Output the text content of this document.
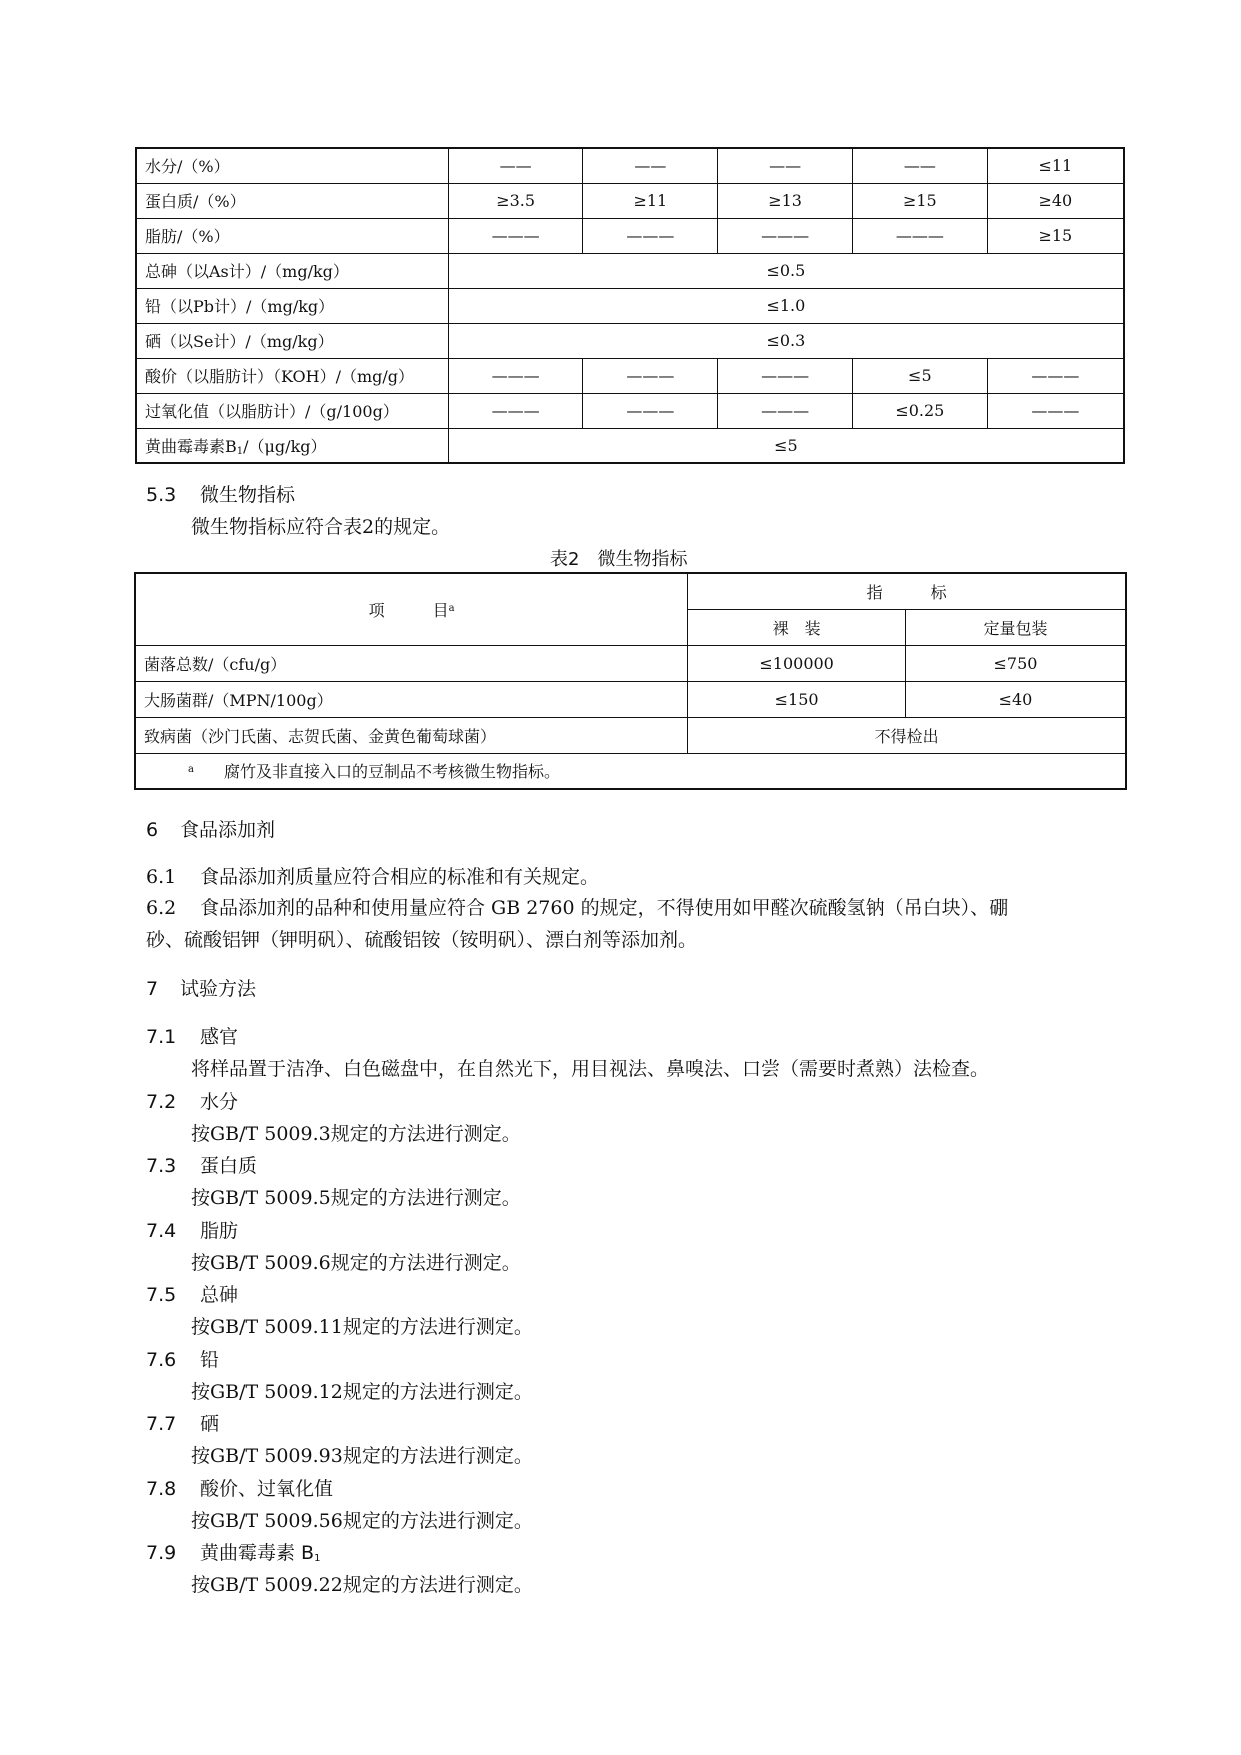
水分/（%）	——	——	——	——	≤11
蛋白质/（%）	≥3.5	≥11	≥13	≥15	≥40
脂肪/（%）	———	———	———	———	≥15
总砷（以As计）/（mg/kg）	≤0.5				
铅（以Pb计）/（mg/kg）	≤1.0				
硒（以Se计）/（mg/kg）	≤0.3				
酸价（以脂肪计）（KOH）/（mg/g）	———	———	———	≤5	———
过氧化值（以脂肪计）/（g/100g）	———	———	———	≤0.25	———
黄曲霉毒素$B_1/(\mu g/kg)$	≤5				
5.3 微生物指标
微生物指标应符合表2的规定。
表2　微生物指标
项　　　目$^a$	指　　　标	
	裸　装	定量包装
菌落总数/（cfu/g）	≤100000	≤750
大肠菌群/（MPN/100g）	≤150	≤40
致病菌（沙门氏菌、志贺氏菌、金黄色葡萄球菌）	不得检出	
$^a$ 腐竹及非直接入口的豆制品不考核微生物指标。		
6 食品添加剂
6.1 食品添加剂质量应符合相应的标准和有关规定。
6.2 食品添加剂的品种和使用量应符合 GB 2760 的规定，不得使用如甲醛次硫酸氢钠（吊白块）、硼
砂、硫酸铝钾（钾明矾）、硫酸铝铵（铵明矾）、漂白剂等添加剂。
7 试验方法
7.1 感官
将样品置于洁净、白色磁盘中，在自然光下，用目视法、鼻嗅法、口尝（需要时煮熟）法检查。
7.2 水分
按GB/T 5009.3规定的方法进行测定。
7.3 蛋白质
按GB/T 5009.5规定的方法进行测定。
7.4 脂肪
按GB/T 5009.6规定的方法进行测定。
7.5 总砷
按GB/T 5009.11规定的方法进行测定。
7.6 铅
按GB/T 5009.12规定的方法进行测定。
7.7 硒
按GB/T 5009.93规定的方法进行测定。
7.8 酸价、过氧化值
按GB/T 5009.56规定的方法进行测定。
7.9 黄曲霉毒素 $B_1$
按GB/T 5009.22规定的方法进行测定。
